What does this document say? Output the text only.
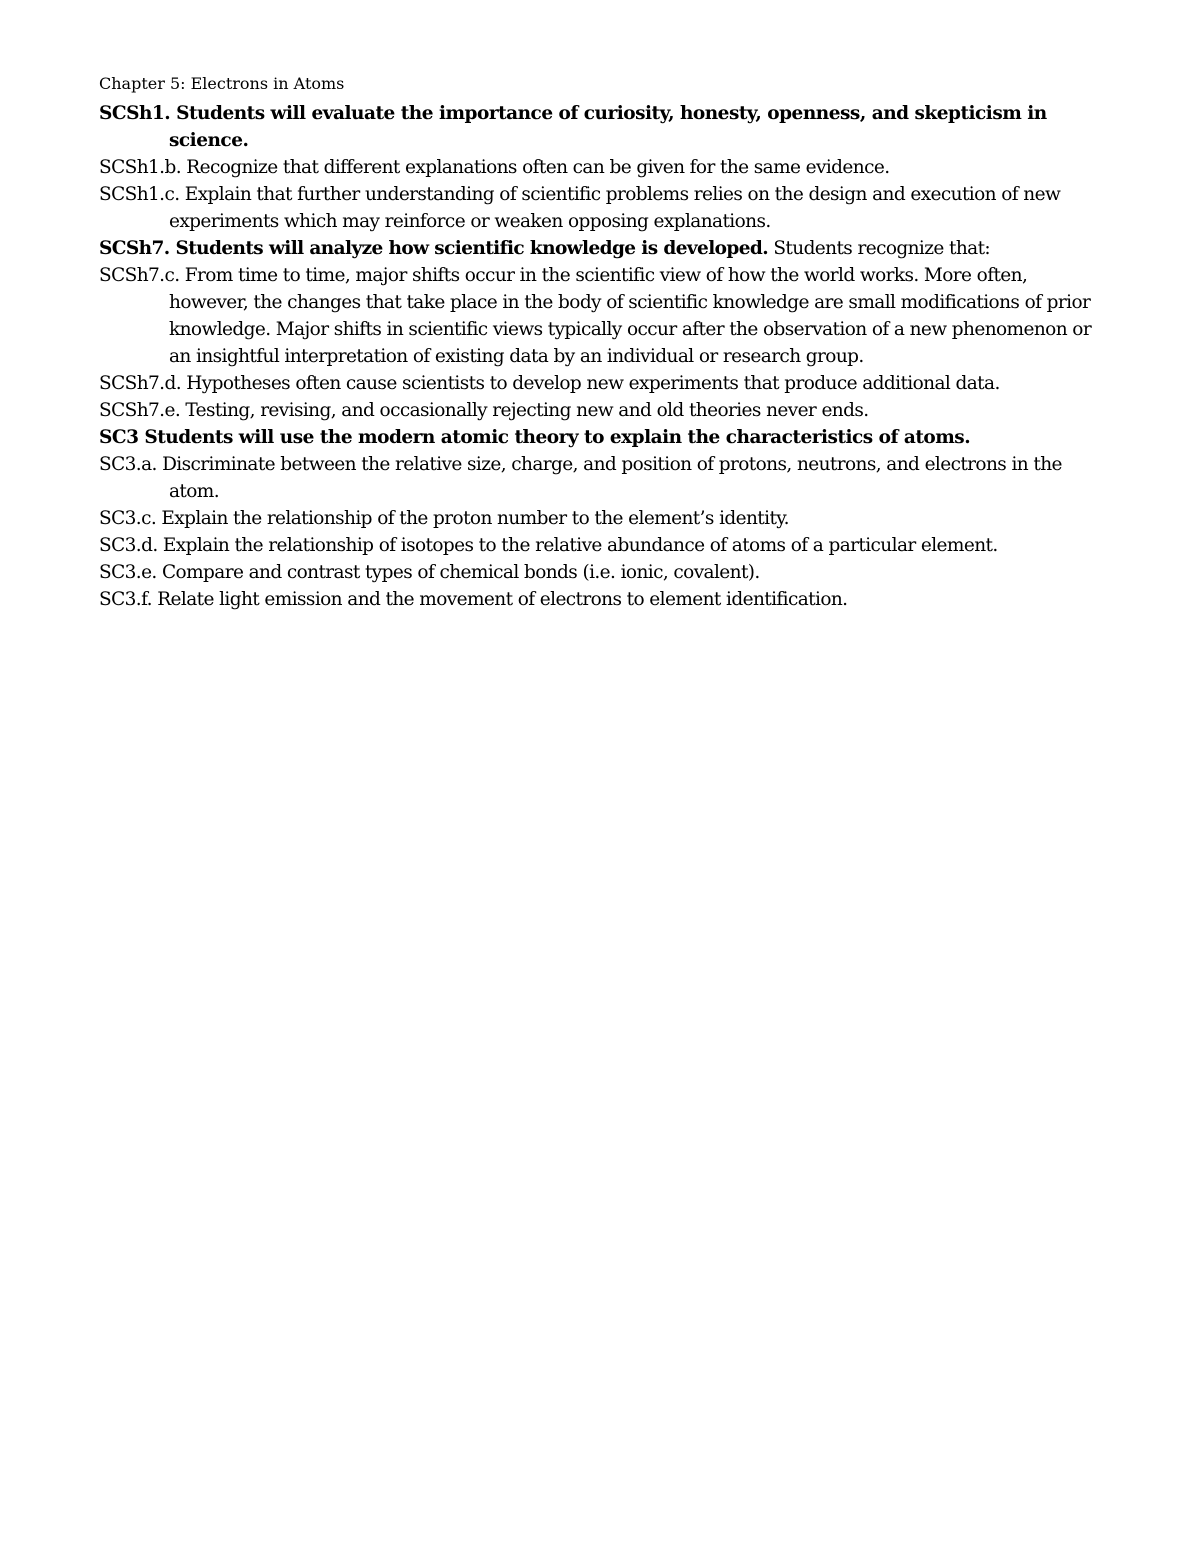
Chapter 5: Electrons in Atoms

SCSh1. Students will evaluate the importance of curiosity, honesty, openness, and skepticism in science.

SCSh1.b. Recognize that different explanations often can be given for the same evidence.

SCSh1.c. Explain that further understanding of scientific problems relies on the design and execution of new experiments which may reinforce or weaken opposing explanations.

SCSh7. Students will analyze how scientific knowledge is developed. Students recognize that:

SCSh7.c. From time to time, major shifts occur in the scientific view of how the world works. More often, however, the changes that take place in the body of scientific knowledge are small modifications of prior knowledge. Major shifts in scientific views typically occur after the observation of a new phenomenon or an insightful interpretation of existing data by an individual or research group.

SCSh7.d. Hypotheses often cause scientists to develop new experiments that produce additional data.

SCSh7.e. Testing, revising, and occasionally rejecting new and old theories never ends.

SC3 Students will use the modern atomic theory to explain the characteristics of atoms.

SC3.a. Discriminate between the relative size, charge, and position of protons, neutrons, and electrons in the atom.

SC3.c. Explain the relationship of the proton number to the element’s identity.

SC3.d. Explain the relationship of isotopes to the relative abundance of atoms of a particular element.

SC3.e. Compare and contrast types of chemical bonds (i.e. ionic, covalent).

SC3.f. Relate light emission and the movement of electrons to element identification.
